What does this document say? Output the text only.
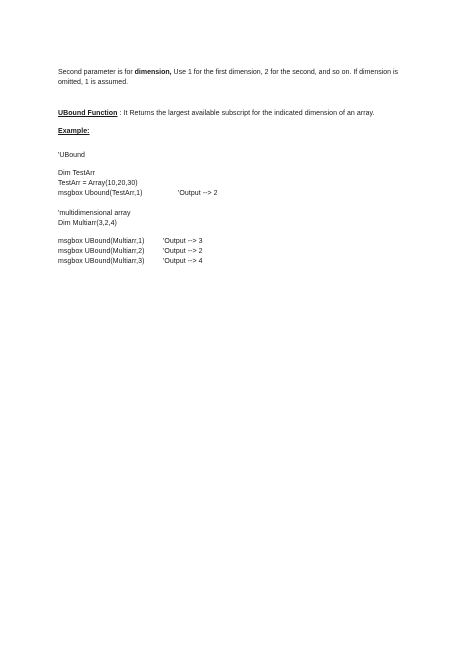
Second parameter is for dimension, Use 1 for the first dimension, 2 for the second, and so on. If dimension is omitted, 1 is assumed.
UBound Function : It Returns the largest available subscript for the indicated dimension of an array.
Example:
'UBound
Dim TestArr
TestArr = Array(10,20,30)
msgbox Ubound(TestArr,1)	'Output --> 2
'multidimensional array
Dim Multiarr(3,2,4)
msgbox UBound(Multiarr,1)	'Output --> 3
msgbox UBound(Multiarr,2)	'Output --> 2
msgbox UBound(Multiarr,3)	'Output --> 4
